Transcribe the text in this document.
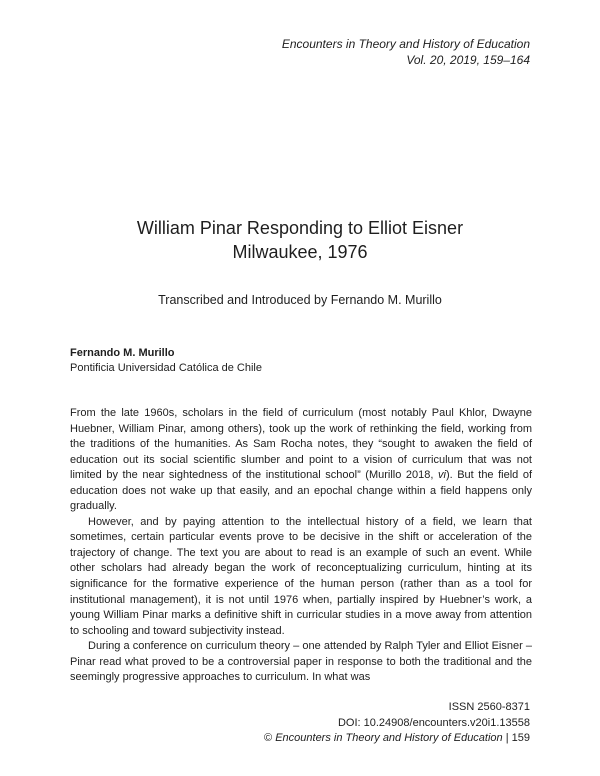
Encounters in Theory and History of Education
Vol. 20, 2019, 159–164
William Pinar Responding to Elliot Eisner
Milwaukee, 1976
Transcribed and Introduced by Fernando M. Murillo
Fernando M. Murillo
Pontificia Universidad Católica de Chile

From the late 1960s, scholars in the field of curriculum (most notably Paul Khlor, Dwayne Huebner, William Pinar, among others), took up the work of rethinking the field, working from the traditions of the humanities. As Sam Rocha notes, they “sought to awaken the field of education out its social scientific slumber and point to a vision of curriculum that was not limited by the near sightedness of the institutional school” (Murillo 2018, vi). But the field of education does not wake up that easily, and an epochal change within a field happens only gradually.

However, and by paying attention to the intellectual history of a field, we learn that sometimes, certain particular events prove to be decisive in the shift or acceleration of the trajectory of change. The text you are about to read is an example of such an event. While other scholars had already began the work of reconceptualizing curriculum, hinting at its significance for the formative experience of the human person (rather than as a tool for institutional management), it is not until 1976 when, partially inspired by Huebner’s work, a young William Pinar marks a definitive shift in curricular studies in a move away from attention to schooling and toward subjectivity instead.

During a conference on curriculum theory – one attended by Ralph Tyler and Elliot Eisner – Pinar read what proved to be a controversial paper in response to both the traditional and the seemingly progressive approaches to curriculum. In what was

ISSN 2560-8371
DOI: 10.24908/encounters.v20i1.13558
© Encounters in Theory and History of Education | 159
